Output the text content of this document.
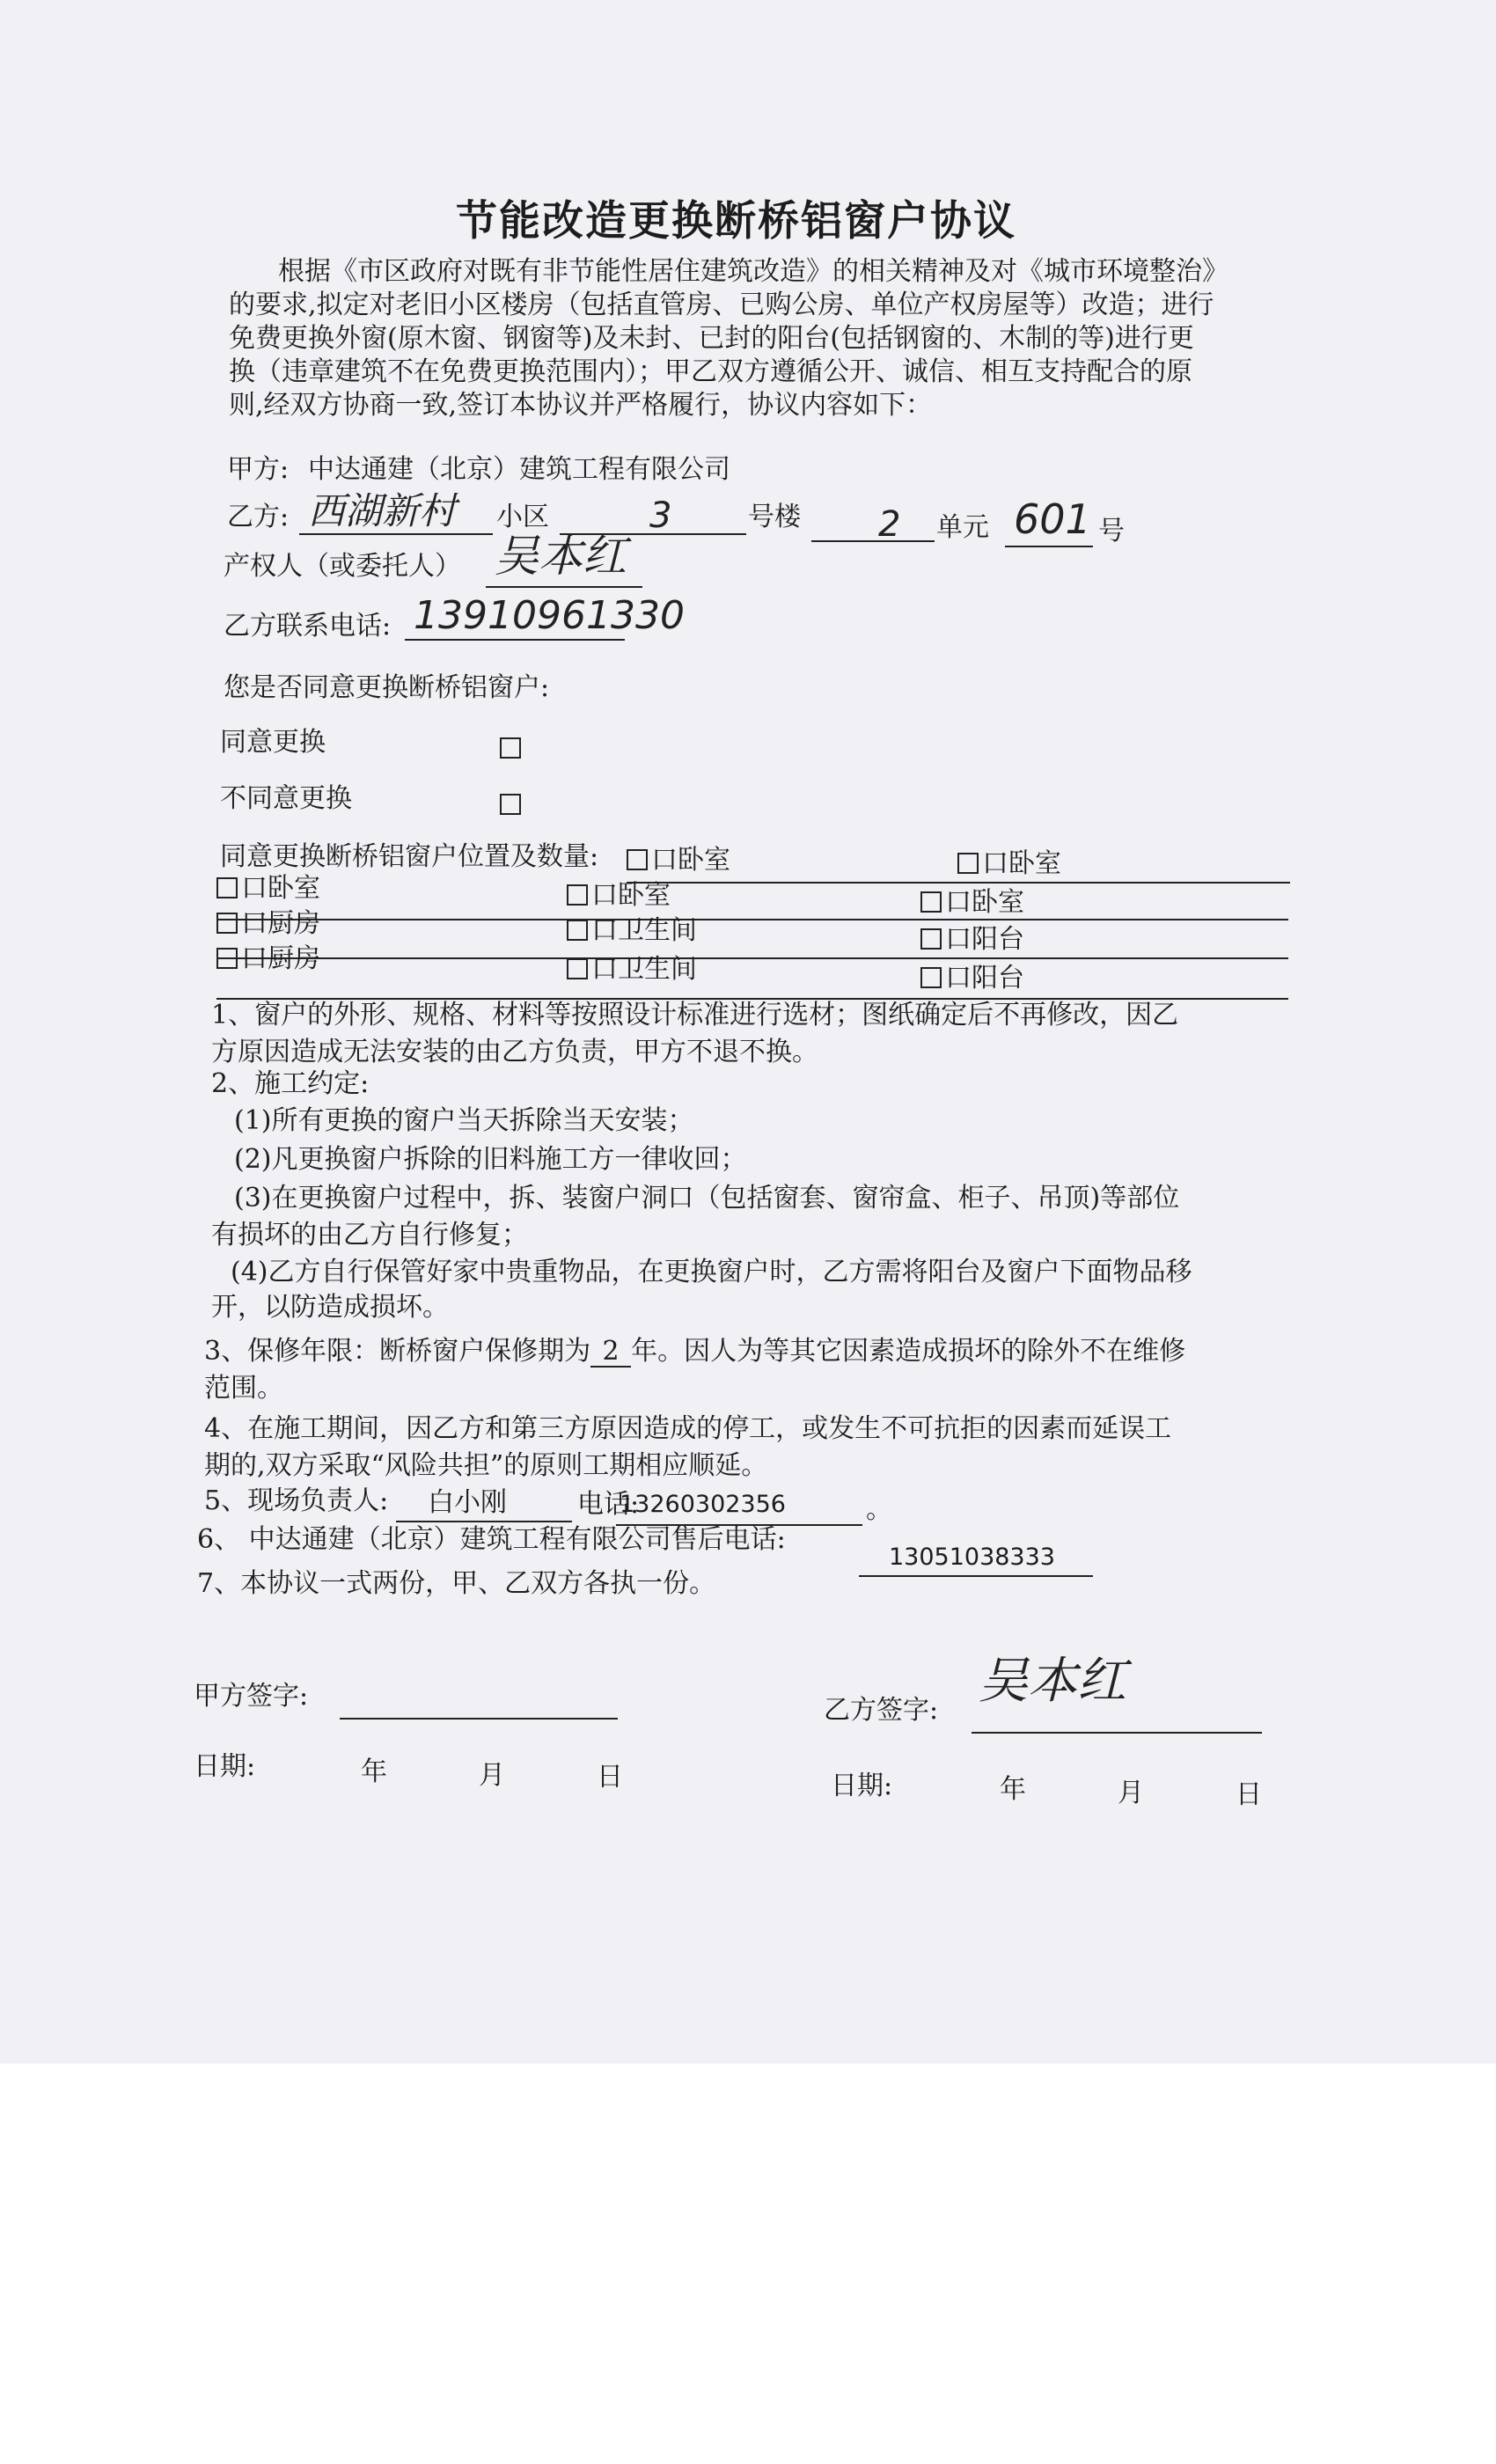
节能改造更换断桥铝窗户协议
根据《市区政府对既有非节能性居住建筑改造》的相关精神及对《城市环境整治》
的要求,拟定对老旧小区楼房（包括直管房、已购公房、单位产权房屋等）改造；进行
免费更换外窗(原木窗、钢窗等)及未封、已封的阳台(包括钢窗的、木制的等)进行更
换（违章建筑不在免费更换范围内）；甲乙双方遵循公开、诚信、相互支持配合的原
则,经双方协商一致,签订本协议并严格履行，协议内容如下：
甲方: 中达通建（北京）建筑工程有限公司
乙方: 西湖新村 小区	3	号楼 2 单元 601 号
产权人（或委托人） 吴本红
乙方联系电话: 13910961330
您是否同意更换断桥铝窗户:
同意更换
不同意更换
同意更换断桥铝窗户位置及数量:	口卧室	口卧室
口卧室	口卧室	口卧室
口厨房	口卫生间	口阳台
口厨房	口卫生间	口阳台
1、窗户的外形、规格、材料等按照设计标准进行选材；图纸确定后不再修改，因乙
方原因造成无法安装的由乙方负责，甲方不退不换。
2、施工约定:
(1)所有更换的窗户当天拆除当天安装；
(2)凡更换窗户拆除的旧料施工方一律收回；
(3)在更换窗户过程中，拆、装窗户洞口（包括窗套、窗帘盒、柜子、吊顶)等部位
有损坏的由乙方自行修复；
(4)乙方自行保管好家中贵重物品，在更换窗户时，乙方需将阳台及窗户下面物品移
开，以防造成损坏。
3、保修年限：断桥窗户保修期为 2 年。因人为等其它因素造成损坏的除外不在维修
范围。
4、在施工期间，因乙方和第三方原因造成的停工，或发生不可抗拒的因素而延误工
期的,双方采取“风险共担”的原则工期相应顺延。
5、现场负责人: 白小刚	电话:
13260302356	。
6、 中达通建（北京）建筑工程有限公司售后电话:
13051038333
7、本协议一式两份，甲、乙双方各执一份。
甲方签字:	乙方签字:
吴本红
日期:	年	月	日	日期:	年	月	日
